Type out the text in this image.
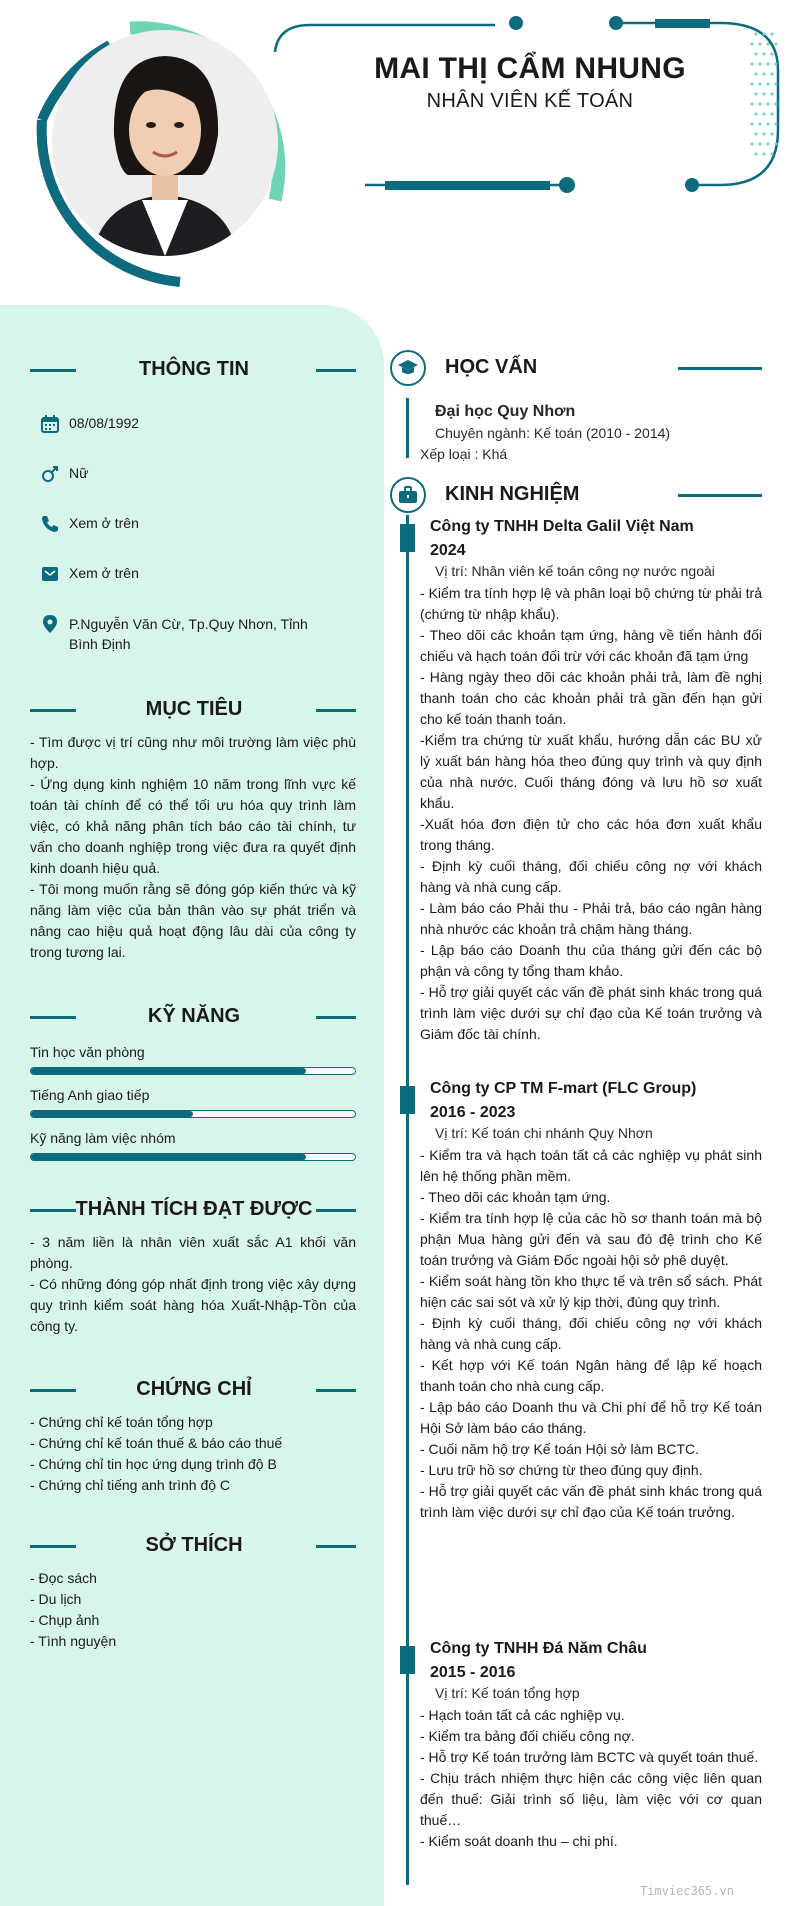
MAI THỊ CẨM NHUNG
NHÂN VIÊN KẾ TOÁN
THÔNG TIN
08/08/1992
Nữ
Xem ở trên
Xem ở trên
P.Nguyễn Văn Cừ, Tp.Quy Nhơn, Tỉnh Bình Định
MỤC TIÊU

- Tìm được vị trí cũng như môi trường làm việc phù hợp.

- Ứng dụng kinh nghiệm 10 năm trong lĩnh vực kế toán tài chính để có thể tối ưu hóa quy trình làm việc, có khả năng phân tích báo cáo tài chính, tư vấn cho doanh nghiệp trong việc đưa ra quyết định kinh doanh hiệu quả.

- Tôi mong muốn rằng sẽ đóng góp kiến thức và kỹ năng làm việc của bản thân vào sự phát triển và nâng cao hiệu quả hoạt động lâu dài của công ty trong tương lai.

KỸ NĂNG
Tin học văn phòng
Tiếng Anh giao tiếp
Kỹ năng làm việc nhóm
THÀNH TÍCH ĐẠT ĐƯỢC

- 3 năm liền là nhân viên xuất sắc A1 khối văn phòng.

- Có những đóng góp nhất định trong việc xây dựng quy trình kiểm soát hàng hóa Xuất-Nhập-Tồn của công ty.

CHỨNG CHỈ

- Chứng chỉ kế toán tổng hợp

- Chứng chỉ kế toán thuế & báo cáo thuế

- Chứng chỉ tin học ứng dụng trình độ B

- Chứng chỉ tiếng anh trình độ C

SỞ THÍCH

- Đọc sách

- Du lịch

- Chụp ảnh

- Tình nguyện

HỌC VẤN
Đại học Quy Nhơn
Chuyên ngành: Kế toán (2010 - 2014)
Xếp loại : Khá
KINH NGHIỆM
Công ty TNHH Delta Galil Việt Nam
2024
Vị trí: Nhân viên kế toán công nợ nước ngoài

- Kiểm tra tính hợp lệ và phân loại bộ chứng từ phải trả (chứng từ nhập khẩu).

- Theo dõi các khoản tạm ứng, hàng về tiến hành đối chiếu và hạch toán đối trừ với các khoản đã tạm ứng

- Hàng ngày theo dõi các khoản phải trả, làm đề nghị thanh toán cho các khoản phải trả gần đến hạn gửi cho kế toán thanh toán.

-Kiểm tra chứng từ xuất khẩu, hướng dẫn các BU xử lý xuất bán hàng hóa theo đúng quy trình và quy định của nhà nước. Cuối tháng đóng và lưu hồ sơ xuất khẩu.

-Xuất hóa đơn điện tử cho các hóa đơn xuất khẩu trong tháng.

- Định kỳ cuối tháng, đối chiếu công nợ với khách hàng và nhà cung cấp.

- Làm báo cáo Phải thu - Phải trả, báo cáo ngân hàng nhà nhước các khoản trả chậm hàng tháng.

- Lập báo cáo Doanh thu của tháng gửi đến các bộ phận và công ty tổng tham khảo.

- Hỗ trợ giải quyết các vấn đề phát sinh khác trong quá trình làm việc dưới sự chỉ đạo của Kế toán trưởng và Giám đốc tài chính.

Công ty CP TM F-mart (FLC Group)
2016 - 2023
Vị trí: Kế toán chi nhánh Quy Nhơn

- Kiểm tra và hạch toán tất cả các nghiệp vụ phát sinh lên hệ thống phần mềm.

- Theo dõi các khoản tạm ứng.

- Kiểm tra tính hợp lệ của các hồ sơ thanh toán mà bộ phận Mua hàng gửi đến và sau đó đệ trình cho Kế toán trưởng và Giám Đốc ngoài hội sở phê duyệt.

- Kiểm soát hàng tồn kho thực tế và trên sổ sách. Phát hiện các sai sót và xử lý kịp thời, đúng quy trình.

- Định kỳ cuối tháng, đối chiếu công nợ với khách hàng và nhà cung cấp.

- Kết hợp với Kế toán Ngân hàng để lập kế hoạch thanh toán cho nhà cung cấp.

- Lập báo cáo Doanh thu và Chi phí để hỗ trợ Kế toán Hội Sở làm báo cáo tháng.

- Cuối năm hộ trợ Kế toán Hội sở làm BCTC.

- Lưu trữ hồ sơ chứng từ theo đúng quy định.

- Hỗ trợ giải quyết các vấn đề phát sinh khác trong quá trình làm việc dưới sự chỉ đạo của Kế toán trưởng.

Công ty TNHH Đá Năm Châu
2015 - 2016
Vị trí: Kế toán tổng hợp

- Hạch toán tất cả các nghiệp vụ.

- Kiểm tra bảng đối chiếu công nợ.

- Hỗ trợ Kế toán trưởng làm BCTC và quyết toán thuế.

- Chịu trách nhiệm thực hiện các công việc liên quan đến thuế: Giải trình số liệu, làm việc với cơ quan thuế…

- Kiểm soát doanh thu – chi phí.

Timviec365.vn
